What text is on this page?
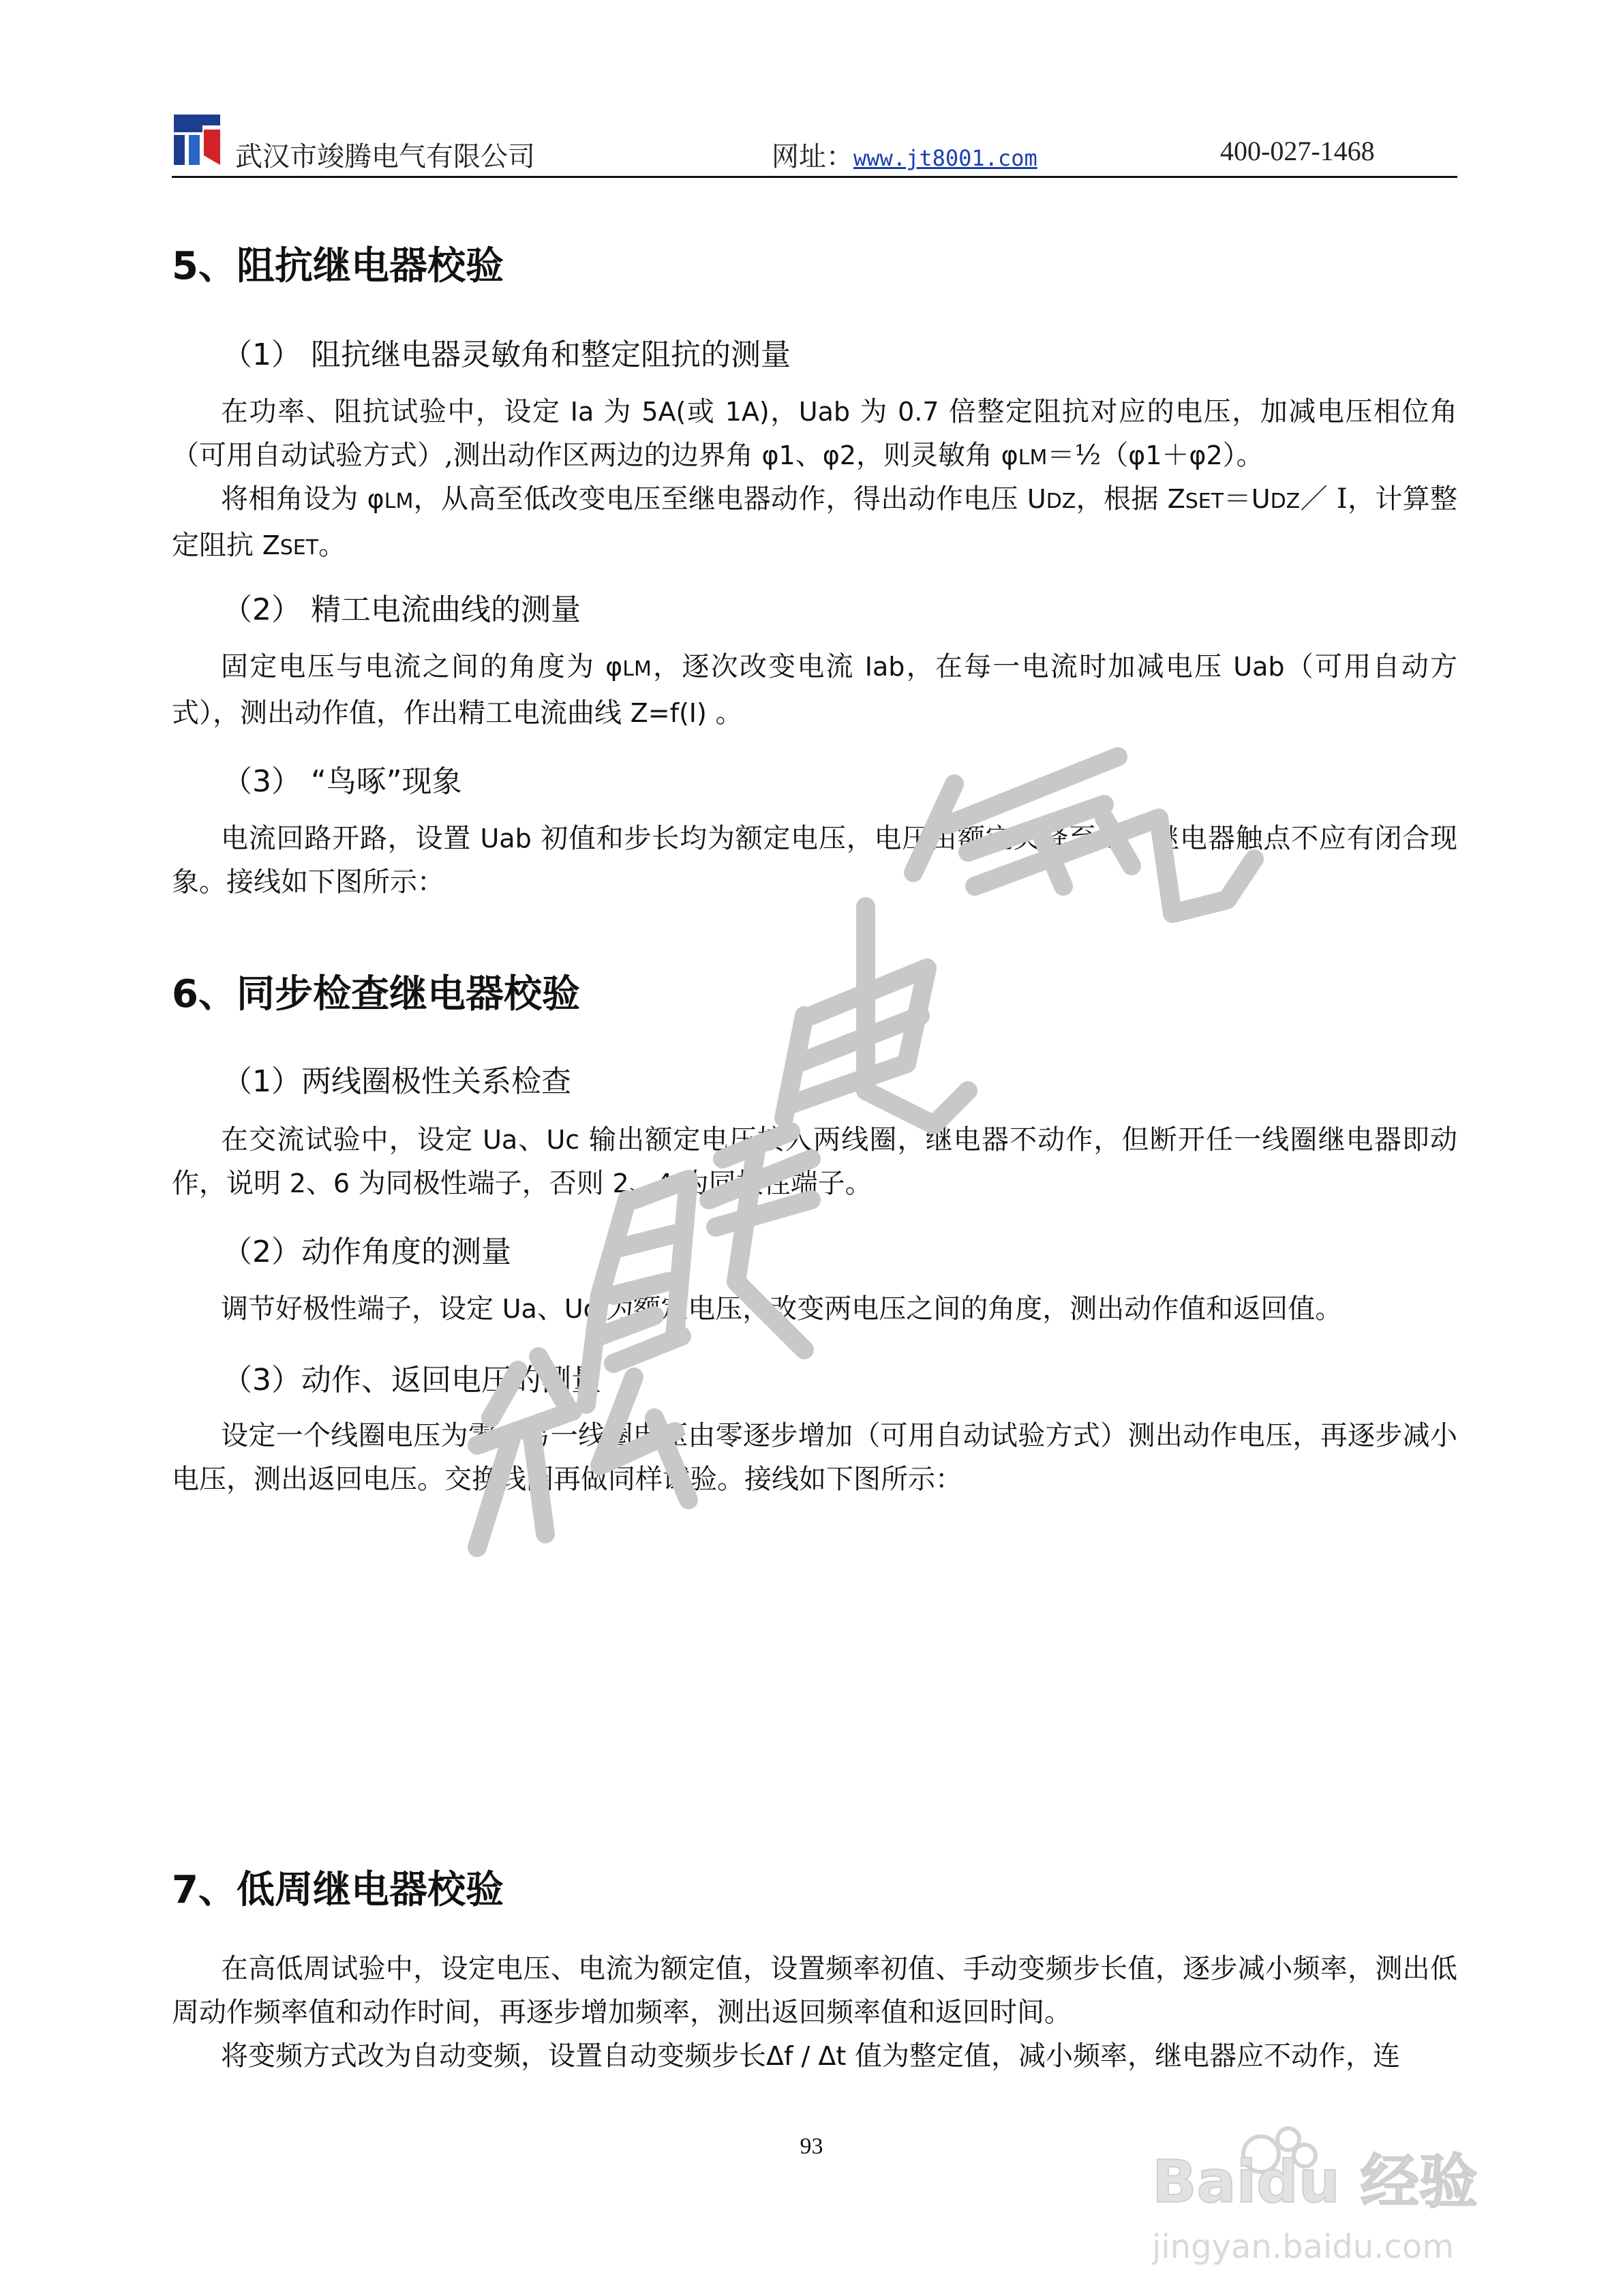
武汉市竣腾电气有限公司	网址：www.jt8001.com	400-027-1468
5、阻抗继电器校验
（1） 阻抗继电器灵敏角和整定阻抗的测量
在功率、阻抗试验中，设定 Ia 为 5A(或 1A)，Uab 为 0.7 倍整定阻抗对应的电压，加减电压相位角（可用自动试验方式）,测出动作区两边的边界角 φ1、φ2，则灵敏角 φLM＝½（φ1＋φ2）。
将相角设为 φLM，从高至低改变电压至继电器动作，得出动作电压 UDZ，根据 ZSET＝UDZ／ Ⅰ，计算整定阻抗 ZSET。
（2） 精工电流曲线的测量
固定电压与电流之间的角度为 φLM，逐次改变电流 Iab，在每一电流时加减电压 Uab（可用自动方式），测出动作值，作出精工电流曲线 Z=f(I) 。
（3） “鸟啄”现象
电流回路开路，设置 Uab 初值和步长均为额定电压，电压由额定突降至零，继电器触点不应有闭合现象。接线如下图所示：
6、同步检查继电器校验
（1）两线圈极性关系检查
在交流试验中，设定 Ua、Uc 输出额定电压接入两线圈，继电器不动作，但断开任一线圈继电器即动作，说明 2、6 为同极性端子，否则 2、4 为同极性端子。
（2）动作角度的测量
调节好极性端子，设定 Ua、Uc 为额定电压，改变两电压之间的角度，测出动作值和返回值。
（3）动作、返回电压的测量
设定一个线圈电压为零，另一线圈电压由零逐步增加（可用自动试验方式）测出动作电压，再逐步减小电压，测出返回电压。交换线圈再做同样试验。接线如下图所示：
7、低周继电器校验
在高低周试验中，设定电压、电流为额定值，设置频率初值、手动变频步长值，逐步减小频率，测出低周动作频率值和动作时间，再逐步增加频率，测出返回频率值和返回时间。
将变频方式改为自动变频，设置自动变频步长Δf / Δt 值为整定值，减小频率，继电器应不动作，连
93
Baidu 经验
jingyan.baidu.com
